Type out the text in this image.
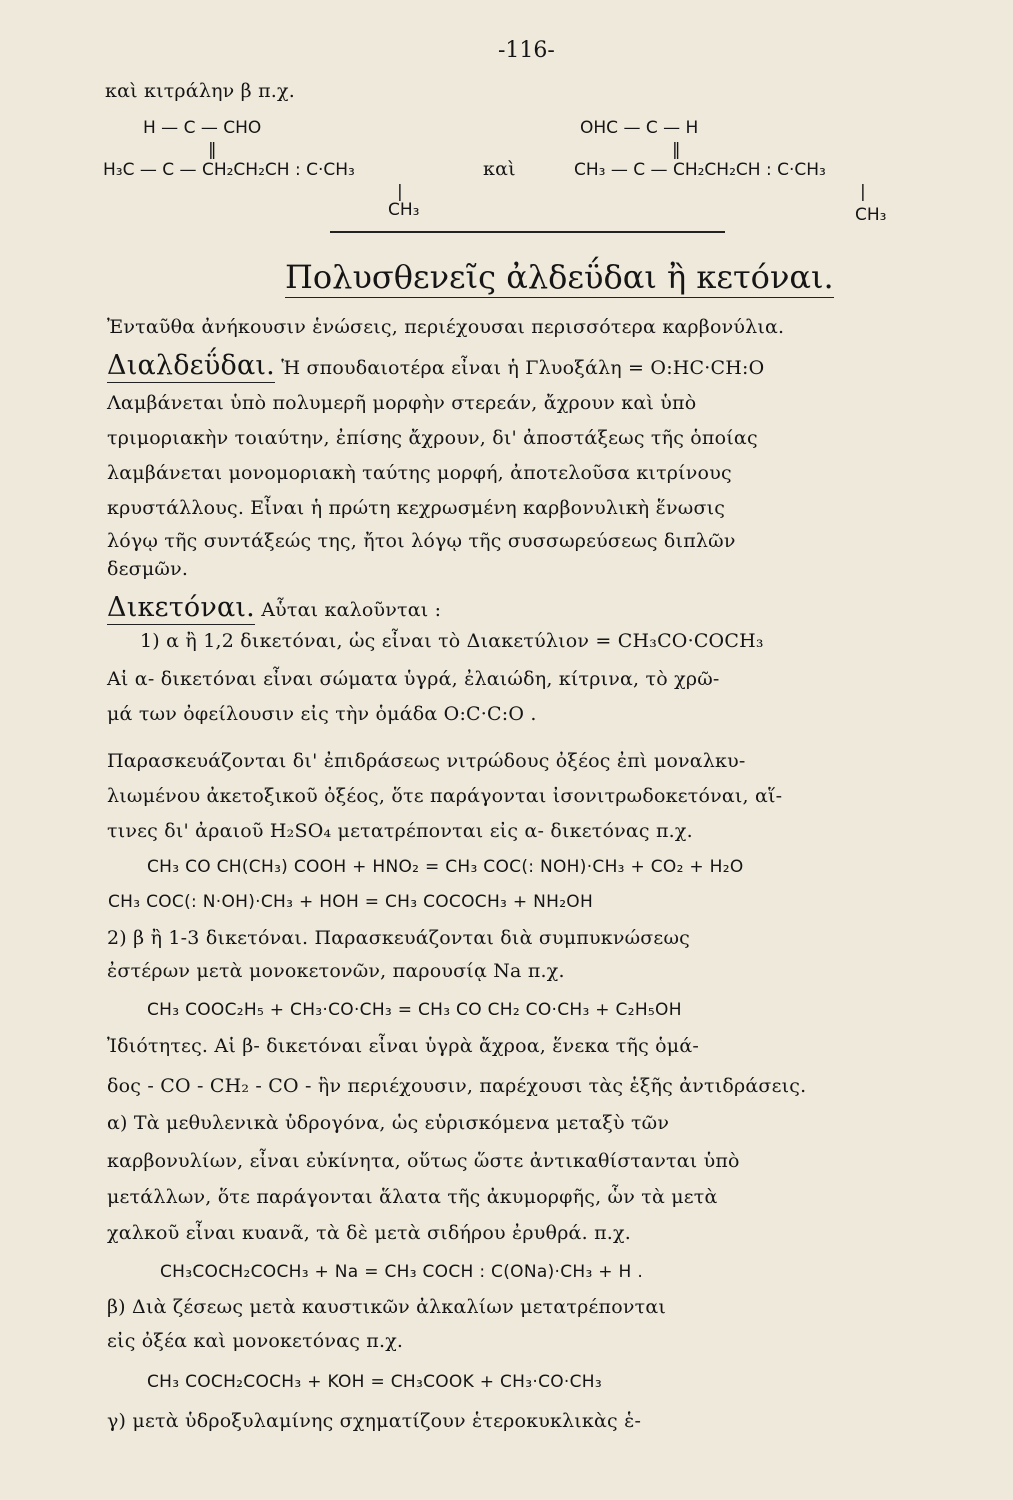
-116-
καὶ κιτράλην β π.χ.
H — C — CHO
‖
H₃C — C — CH₂CH₂CH : C·CH₃
|
CH₃
καὶ
OHC — C — H
‖
CH₃ — C — CH₂CH₂CH : C·CH₃
|
CH₃
Πολυσθενεῖς ἀλδεΰδαι ἢ κετόναι.
Ἐνταῦθα ἀνήκουσιν ἑνώσεις, περιέχουσαι περισσότερα καρβονύλια.
Διαλδεΰδαι. Ἡ σπουδαιοτέρα εἶναι ἡ Γλυοξάλη = O:HC·CH:O
Λαμβάνεται ὑπὸ πολυμερῆ μορφὴν στερεάν, ἄχρουν καὶ ὑπὸ
τριμοριακὴν τοιαύτην, ἐπίσης ἄχρουν, δι' ἀποστάξεως τῆς ὁποίας
λαμβάνεται μονομοριακὴ ταύτης μορφή, ἀποτελοῦσα κιτρίνους
κρυστάλλους. Εἶναι ἡ πρώτη κεχρωσμένη καρβονυλικὴ ἕνωσις
λόγῳ τῆς συντάξεώς της, ἤτοι λόγῳ τῆς συσσωρεύσεως διπλῶν
δεσμῶν.
Δικετόναι. Αὗται καλοῦνται :
1) α ἢ 1,2 δικετόναι, ὡς εἶναι τὸ Διακετύλιον = CH₃CO·COCH₃
Αἱ α- δικετόναι εἶναι σώματα ὑγρά, ἐλαιώδη, κίτρινα, τὸ χρῶ-
μά των ὀφείλουσιν εἰς τὴν ὁμάδα O:C·C:O .
Παρασκευάζονται δι' ἐπιδράσεως νιτρώδους ὀξέος ἐπὶ μοναλκυ-
λιωμένου ἀκετοξικοῦ ὀξέος, ὅτε παράγονται ἰσονιτρωδοκετόναι, αἵ-
τινες δι' ἀραιοῦ H₂SO₄ μετατρέπονται εἰς α- δικετόνας π.χ.
CH₃ CO CH(CH₃) COOH + HNO₂ = CH₃ COC(: NOH)·CH₃ + CO₂ + H₂O
CH₃ COC(: N·OH)·CH₃ + HOH = CH₃ COCOCH₃ + NH₂OH
2) β ἢ 1-3 δικετόναι. Παρασκευάζονται διὰ συμπυκνώσεως
ἐστέρων μετὰ μονοκετονῶν, παρουσίᾳ Na π.χ.
CH₃ COOC₂H₅ + CH₃·CO·CH₃ = CH₃ CO CH₂ CO·CH₃ + C₂H₅OH
Ἰδιότητες. Αἱ β- δικετόναι εἶναι ὑγρὰ ἄχροα, ἕνεκα τῆς ὁμά-
δος - CO - CH₂ - CO - ἣν περιέχουσιν, παρέχουσι τὰς ἑξῆς ἀντιδράσεις.
α) Τὰ μεθυλενικὰ ὑδρογόνα, ὡς εὑρισκόμενα μεταξὺ τῶν
καρβονυλίων, εἶναι εὐκίνητα, οὕτως ὥστε ἀντικαθίστανται ὑπὸ
μετάλλων, ὅτε παράγονται ἅλατα τῆς ἀκυμορφῆς, ὧν τὰ μετὰ
χαλκοῦ εἶναι κυανᾶ, τὰ δὲ μετὰ σιδήρου ἐρυθρά. π.χ.
CH₃COCH₂COCH₃ + Na = CH₃ COCH : C(ONa)·CH₃ + H .
β) Διὰ ζέσεως μετὰ καυστικῶν ἀλκαλίων μετατρέπονται
εἰς ὀξέα καὶ μονοκετόνας π.χ.
CH₃ COCH₂COCH₃ + KOH = CH₃COOK + CH₃·CO·CH₃
γ) μετὰ ὑδροξυλαμίνης σχηματίζουν ἑτεροκυκλικὰς ἑ-
